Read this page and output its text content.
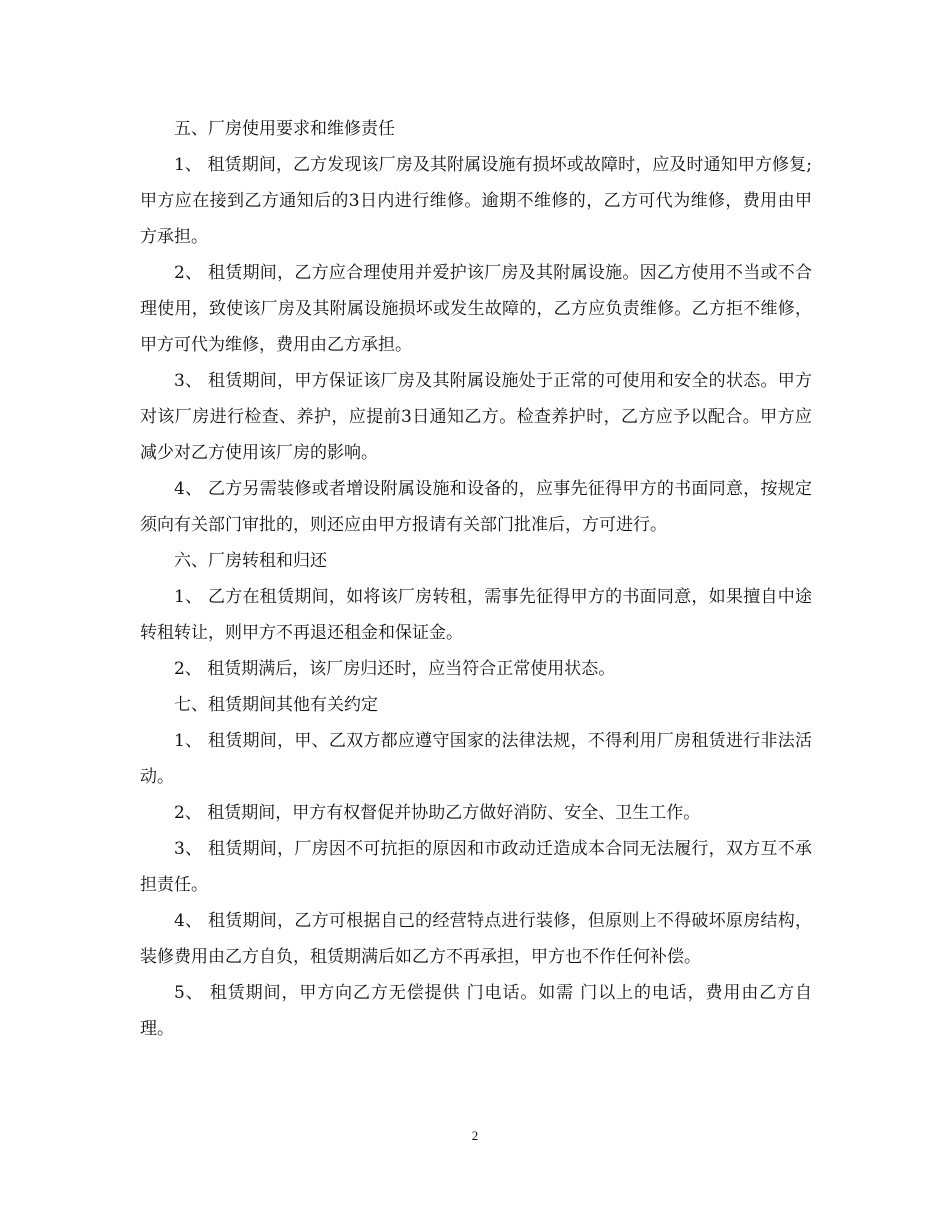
五、厂房使用要求和维修责任

1、 租赁期间，乙方发现该厂房及其附属设施有损坏或故障时，应及时通知甲方修复;甲方应在接到乙方通知后的3日内进行维修。逾期不维修的，乙方可代为维修，费用由甲方承担。

2、 租赁期间，乙方应合理使用并爱护该厂房及其附属设施。因乙方使用不当或不合理使用，致使该厂房及其附属设施损坏或发生故障的，乙方应负责维修。乙方拒不维修，甲方可代为维修，费用由乙方承担。

3、 租赁期间，甲方保证该厂房及其附属设施处于正常的可使用和安全的状态。甲方对该厂房进行检查、养护，应提前3日通知乙方。检查养护时，乙方应予以配合。甲方应减少对乙方使用该厂房的影响。

4、 乙方另需装修或者增设附属设施和设备的，应事先征得甲方的书面同意，按规定须向有关部门审批的，则还应由甲方报请有关部门批准后，方可进行。

六、厂房转租和归还

1、 乙方在租赁期间，如将该厂房转租，需事先征得甲方的书面同意，如果擅自中途转租转让，则甲方不再退还租金和保证金。

2、 租赁期满后，该厂房归还时，应当符合正常使用状态。

七、租赁期间其他有关约定

1、 租赁期间，甲、乙双方都应遵守国家的法律法规，不得利用厂房租赁进行非法活动。

2、 租赁期间，甲方有权督促并协助乙方做好消防、安全、卫生工作。

3、 租赁期间，厂房因不可抗拒的原因和市政动迁造成本合同无法履行，双方互不承担责任。

4、 租赁期间，乙方可根据自己的经营特点进行装修，但原则上不得破坏原房结构，装修费用由乙方自负，租赁期满后如乙方不再承担，甲方也不作任何补偿。

5、 租赁期间，甲方向乙方无偿提供 门电话。如需 门以上的电话，费用由乙方自理。

2
